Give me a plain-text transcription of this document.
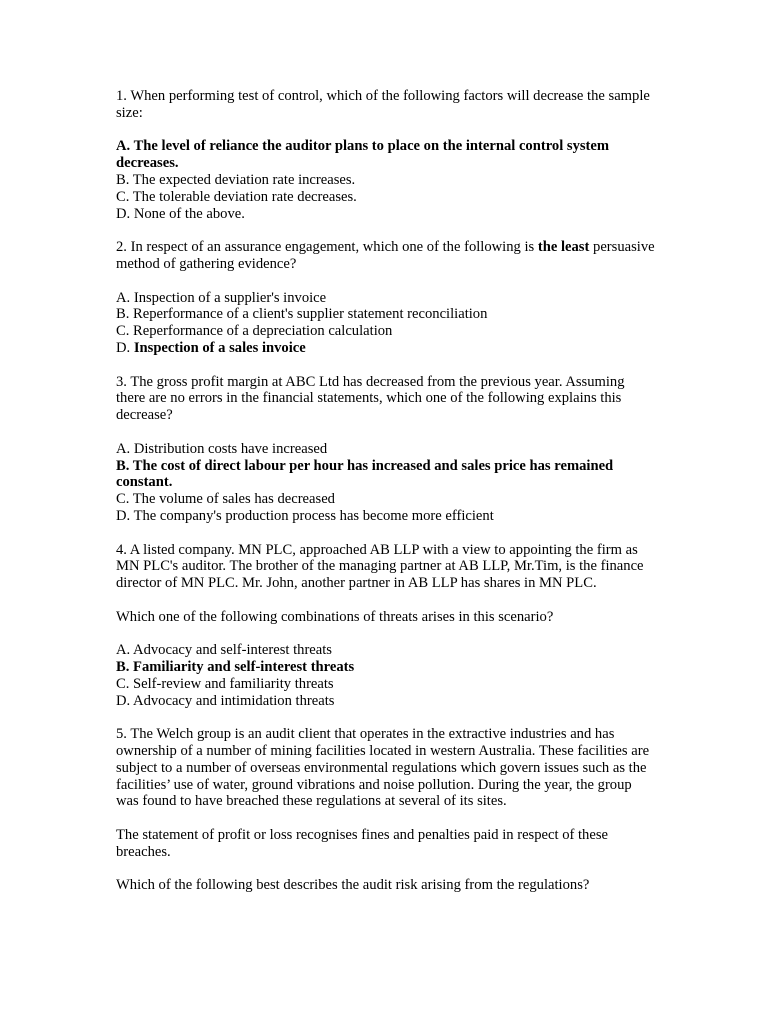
1. When performing test of control, which of the following factors will decrease the sample size:
A. The level of reliance the auditor plans to place on the internal control system decreases.
B. The expected deviation rate increases.
C. The tolerable deviation rate decreases.
D. None of the above.
2. In respect of an assurance engagement, which one of the following is the least persuasive method of gathering evidence?
A. Inspection of a supplier's invoice
B. Reperformance of a client's supplier statement reconciliation
C. Reperformance of a depreciation calculation
D. Inspection of a sales invoice
3. The gross profit margin at ABC Ltd has decreased from the previous year. Assuming there are no errors in the financial statements, which one of the following explains this decrease?
A. Distribution costs have increased
B. The cost of direct labour per hour has increased and sales price has remained constant.
C. The volume of sales has decreased
D. The company's production process has become more efficient
4. A listed company. MN PLC, approached AB LLP with a view to appointing the firm as MN PLC's auditor. The brother of the managing partner at AB LLP, Mr.Tim, is the finance director of MN PLC. Mr. John, another partner in AB LLP has shares in MN PLC.
Which one of the following combinations of threats arises in this scenario?
A. Advocacy and self-interest threats
B. Familiarity and self-interest threats
C. Self-review and familiarity threats
D. Advocacy and intimidation threats
5. The Welch group is an audit client that operates in the extractive industries and has ownership of a number of mining facilities located in western Australia. These facilities are subject to a number of overseas environmental regulations which govern issues such as the facilities’ use of water, ground vibrations and noise pollution. During the year, the group was found to have breached these regulations at several of its sites.
The statement of profit or loss recognises fines and penalties paid in respect of these breaches.
Which of the following best describes the audit risk arising from the regulations?
